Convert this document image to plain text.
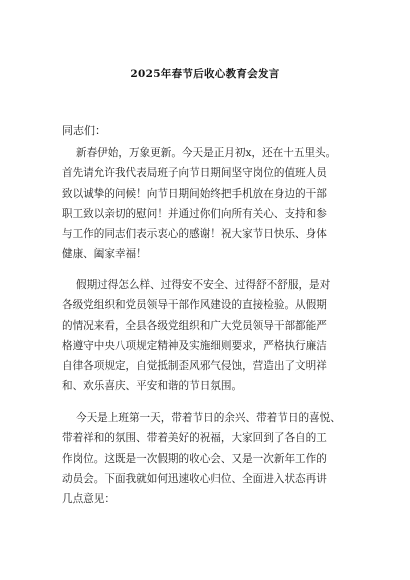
2025年春节后收心教育会发言
同志们：
新春伊始，万象更新。今天是正月初x，还在十五里头。
首先请允许我代表局班子向节日期间坚守岗位的值班人员
致以诚挚的问候！向节日期间始终把手机放在身边的干部
职工致以亲切的慰问！并通过你们向所有关心、支持和参
与工作的同志们表示衷心的感谢！祝大家节日快乐、身体
健康、阖家幸福！
假期过得怎么样、过得安不安全、过得舒不舒服，是对
各级党组织和党员领导干部作风建设的直接检验。从假期
的情况来看，全县各级党组织和广大党员领导干部都能严
格遵守中央八项规定精神及实施细则要求，严格执行廉洁
自律各项规定，自觉抵制歪风邪气侵蚀，营造出了文明祥
和、欢乐喜庆、平安和谐的节日氛围。
今天是上班第一天，带着节日的余兴、带着节日的喜悦、
带着祥和的氛围、带着美好的祝福，大家回到了各自的工
作岗位。这既是一次假期的收心会、又是一次新年工作的
动员会。下面我就如何迅速收心归位、全面进入状态再讲
几点意见：
